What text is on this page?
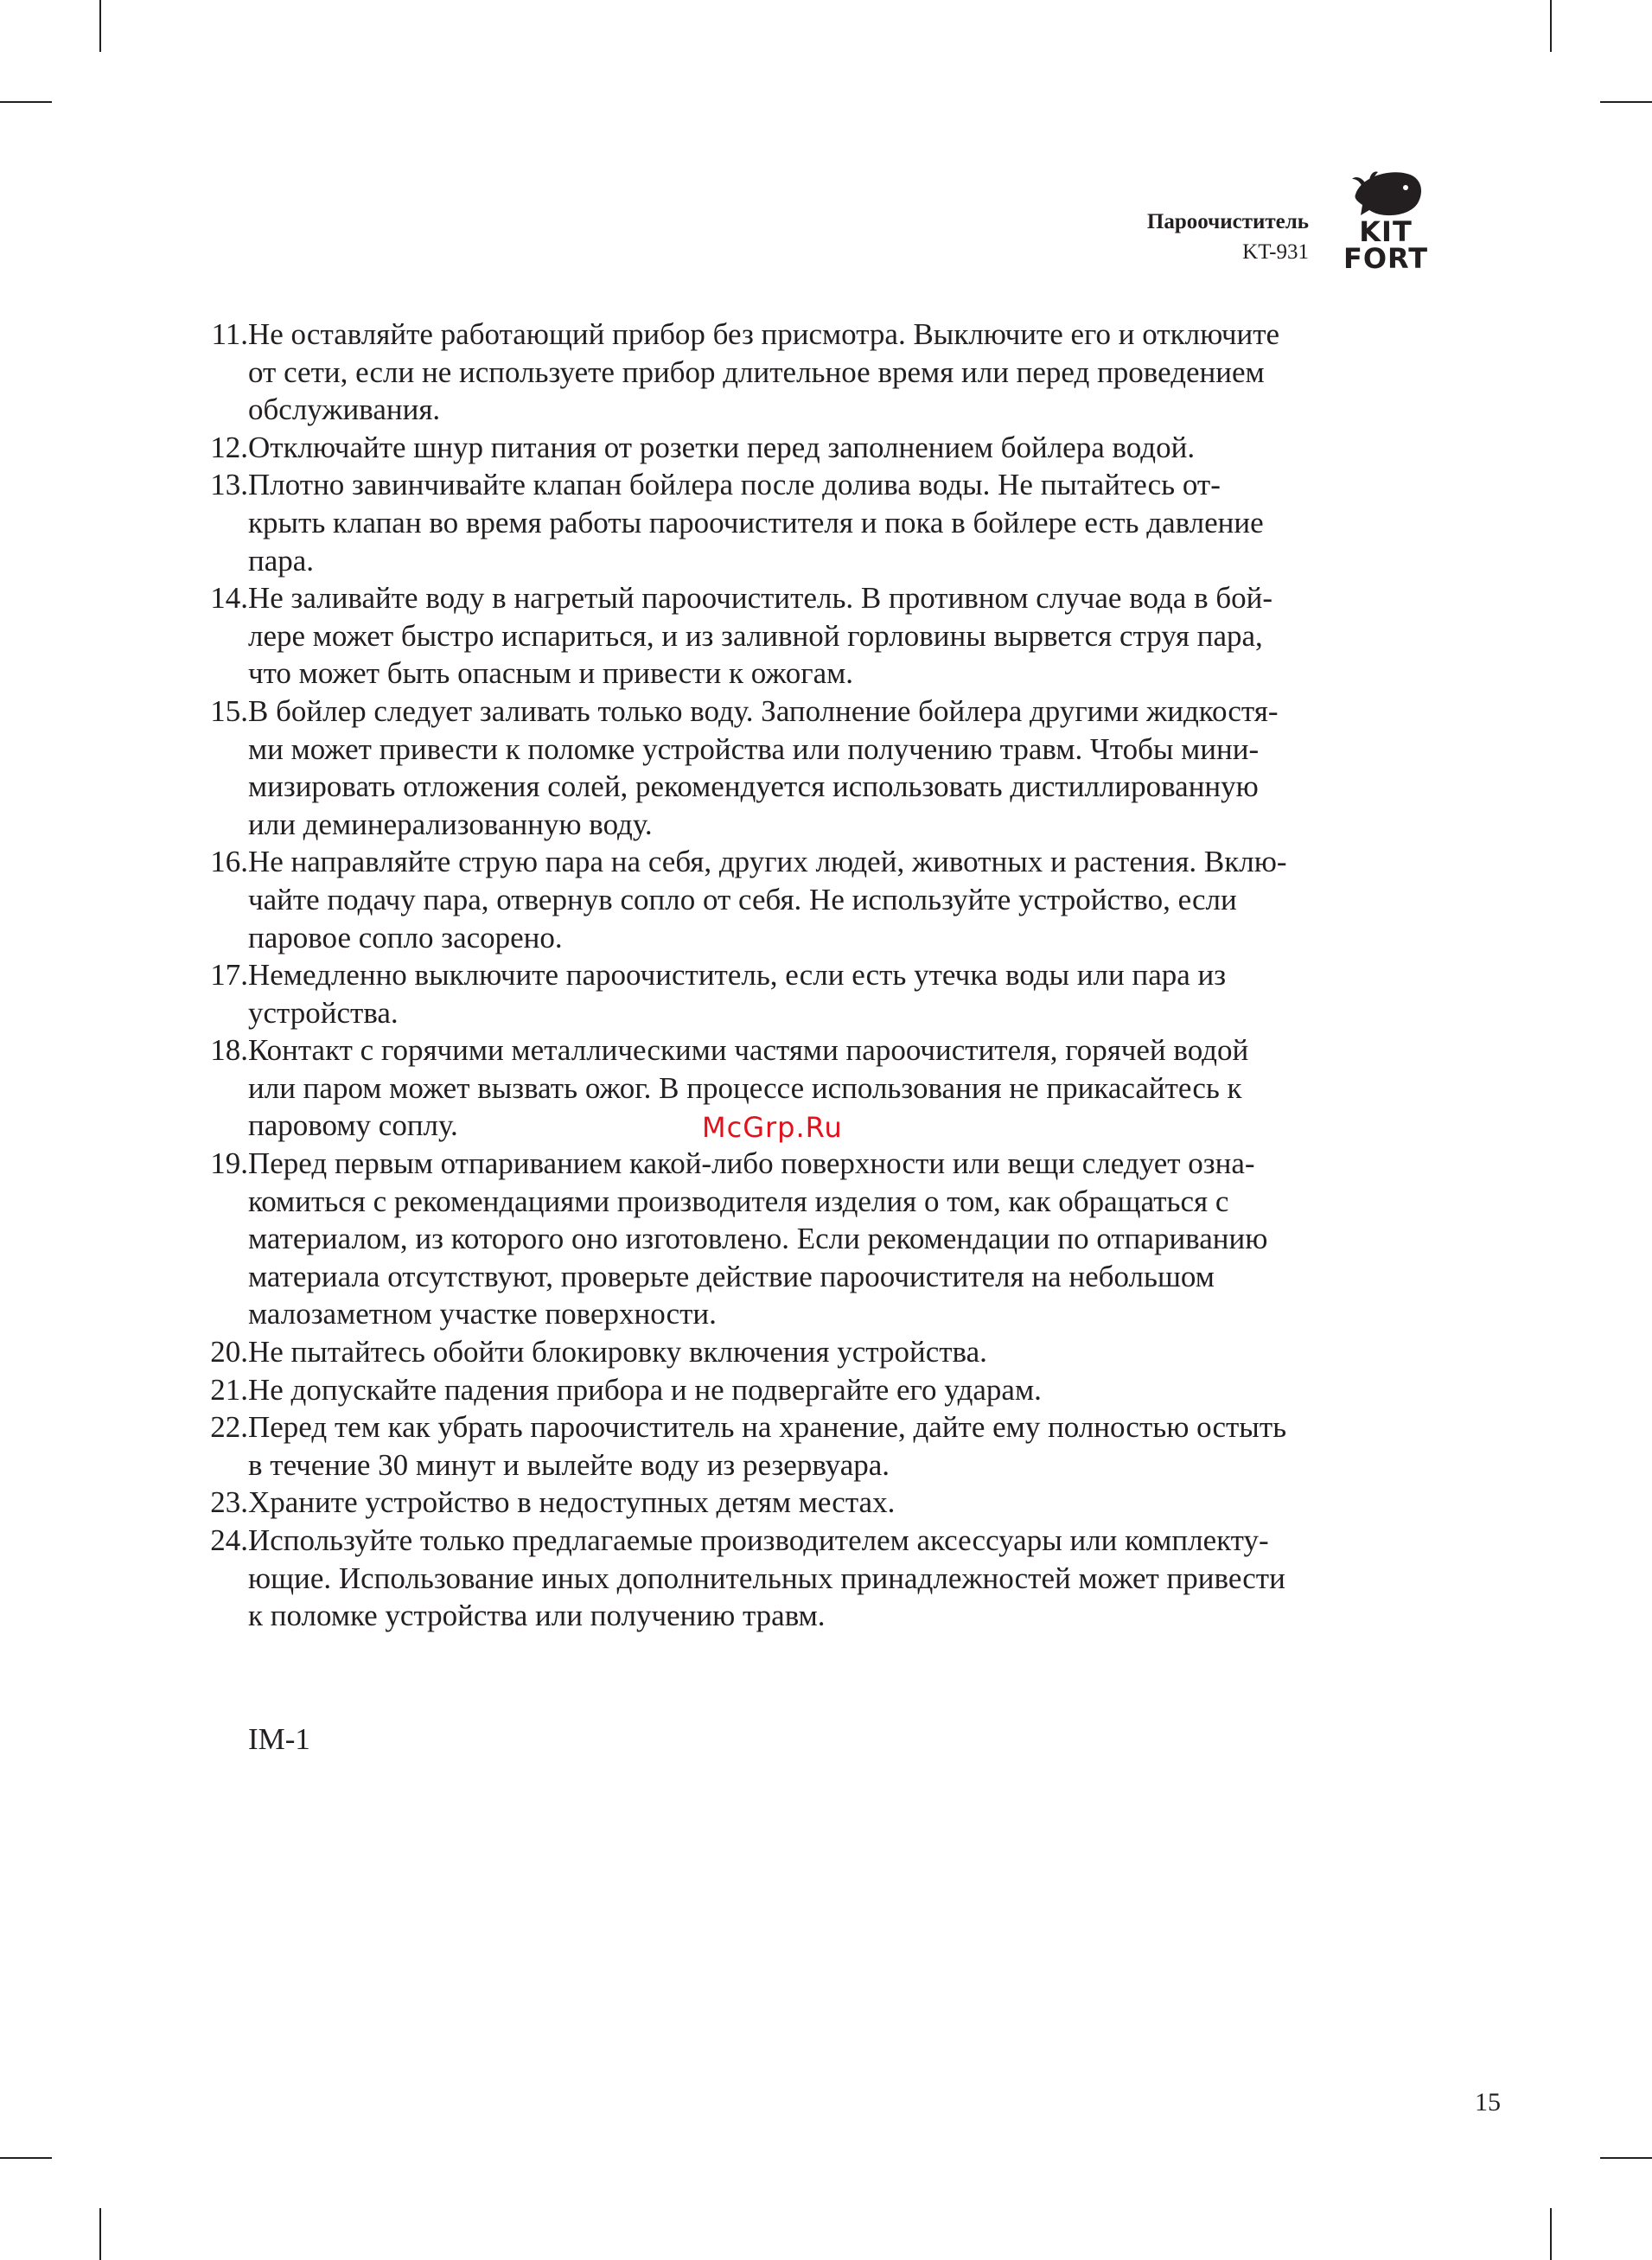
Пароочиститель
KT-931
KIT
FORT
11. Не оставляйте работающий прибор без присмотра. Выключите его и отключите
от сети, если не используете прибор длительное время или перед проведением
обслуживания.
12. Отключайте шнур питания от розетки перед заполнением бойлера водой.
13. Плотно завинчивайте клапан бойлера после долива воды. Не пытайтесь от-
крыть клапан во время работы пароочистителя и пока в бойлере есть давление
пара.
14. Не заливайте воду в нагретый пароочиститель. В противном случае вода в бой-
лере может быстро испариться, и из заливной горловины вырвется струя пара,
что может быть опасным и привести к ожогам.
15. В бойлер следует заливать только воду. Заполнение бойлера другими жидкостя-
ми может привести к поломке устройства или получению травм. Чтобы мини-
мизировать отложения солей, рекомендуется использовать дистиллированную
или деминерализованную воду.
16. Не направляйте струю пара на себя, других людей, животных и растения. Вклю-
чайте подачу пара, отвернув сопло от себя. Не используйте устройство, если
паровое сопло засорено.
17. Немедленно выключите пароочиститель, если есть утечка воды или пара из
устройства.
18. Контакт с горячими металлическими частями пароочистителя, горячей водой
или паром может вызвать ожог. В процессе использования не прикасайтесь к
паровому соплу.
19. Перед первым отпариванием какой-либо поверхности или вещи следует озна-
комиться с рекомендациями производителя изделия о том, как обращаться с
материалом, из которого оно изготовлено. Если рекомендации по отпариванию
материала отсутствуют, проверьте действие пароочистителя на небольшом
малозаметном участке поверхности.
20. Не пытайтесь обойти блокировку включения устройства.
21. Не допускайте падения прибора и не подвергайте его ударам.
22. Перед тем как убрать пароочиститель на хранение, дайте ему полностью остыть
в течение 30 минут и вылейте воду из резервуара.
23. Храните устройство в недоступных детям местах.
24. Используйте только предлагаемые производителем аксессуары или комплекту-
ющие. Использование иных дополнительных принадлежностей может привести
к поломке устройства или получению травм.
McGrp.Ru
IM-1
15
